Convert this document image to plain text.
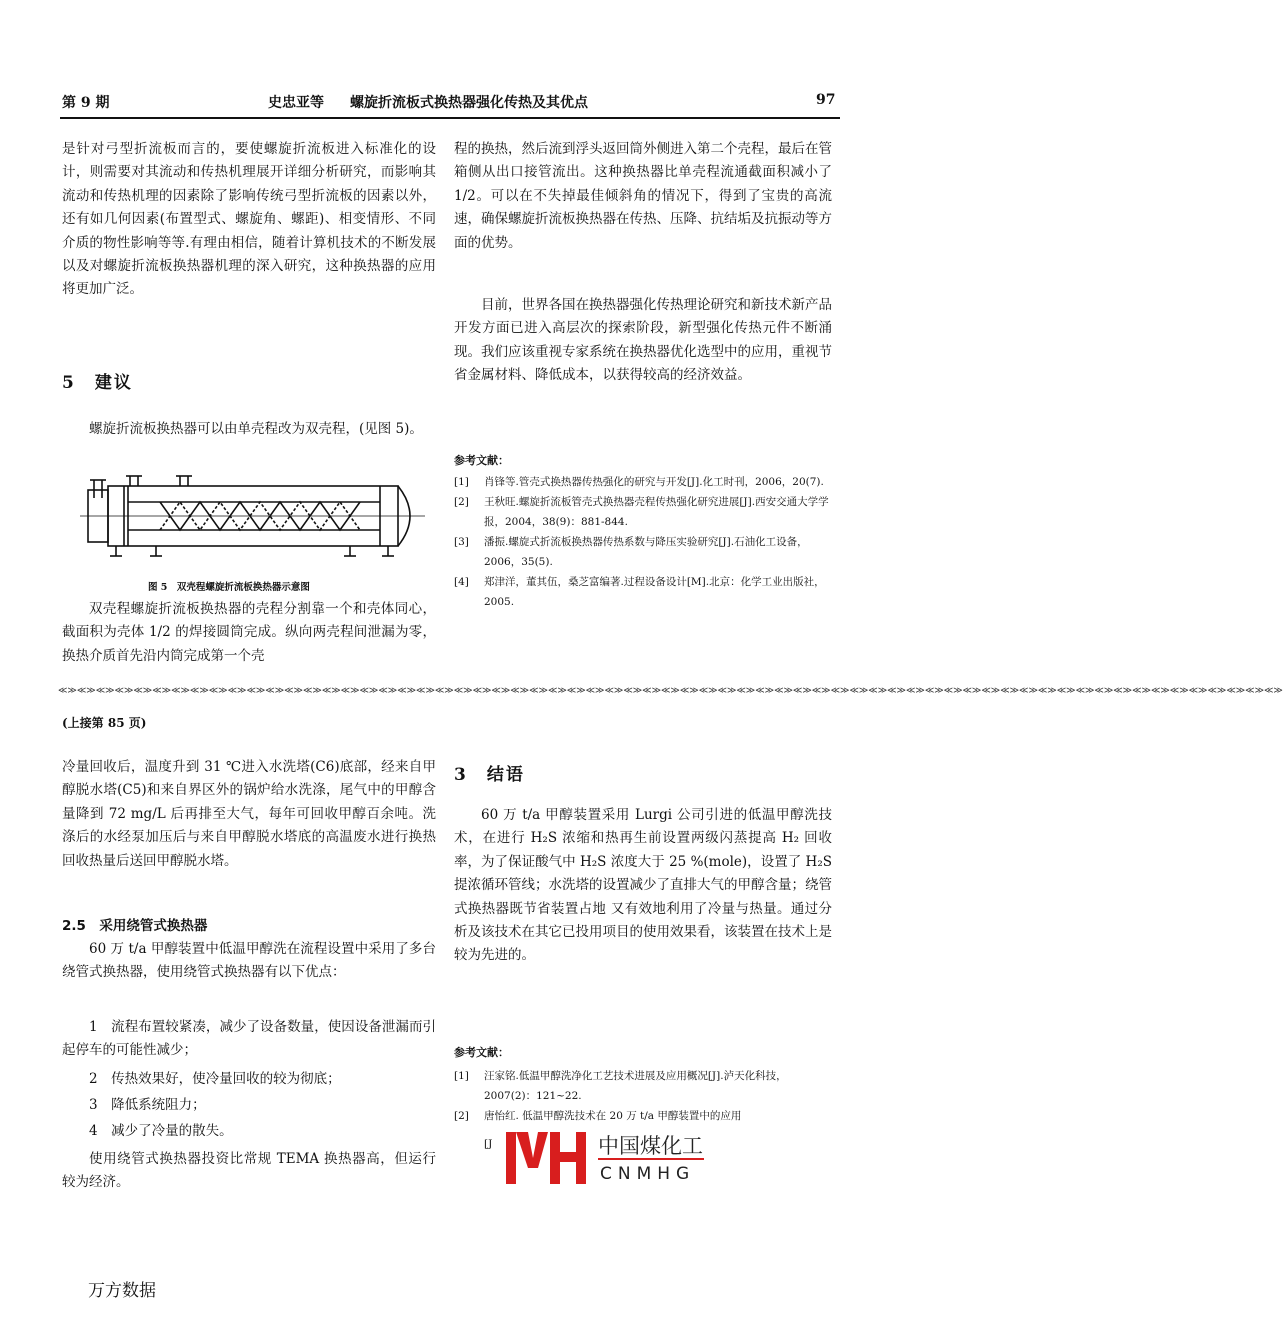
第 9 期	史忠亚等 螺旋折流板式换热器强化传热及其优点	97

是针对弓型折流板而言的，要使螺旋折流板进入标准化的设计，则需要对其流动和传热机理展开详细分析研究，而影响其流动和传热机理的因素除了影响传统弓型折流板的因素以外，还有如几何因素(布置型式、螺旋角、螺距)、相变情形、不同介质的物性影响等等.有理由相信，随着计算机技术的不断发展以及对螺旋折流板换热器机理的深入研究，这种换热器的应用将更加广泛。

5　建议

螺旋折流板换热器可以由单壳程改为双壳程，(见图 5)。

图 5　双壳程螺旋折流板换热器示意图

双壳程螺旋折流板换热器的壳程分割靠一个和壳体同心，截面积为壳体 1/2 的焊接圆筒完成。纵向两壳程间泄漏为零，换热介质首先沿内筒完成第一个壳

程的换热，然后流到浮头返回筒外侧进入第二个壳程，最后在管箱侧从出口接管流出。这种换热器比单壳程流通截面积减小了 1/2。可以在不失掉最佳倾斜角的情况下，得到了宝贵的高流速，确保螺旋折流板换热器在传热、压降、抗结垢及抗振动等方面的优势。

目前，世界各国在换热器强化传热理论研究和新技术新产品开发方面已进入高层次的探索阶段，新型强化传热元件不断涌现。我们应该重视专家系统在换热器优化选型中的应用，重视节省金属材料、降低成本，以获得较高的经济效益。

参考文献：
[1]	肖锋等.管壳式换热器传热强化的研究与开发[J].化工时刊，2006，20(7).
[2]	王秋旺.螺旋折流板管壳式换热器壳程传热强化研究进展[J].西安交通大学学报，2004，38(9)：881-844.
[3]	潘振.螺旋式折流板换热器传热系数与降压实验研究[J].石油化工设备，2006，35(5).
[4]	郑津洋，董其伍，桑芝富编著.过程设备设计[M].北京：化学工业出版社，2005.
≪≫≪≫≪≫≪≫≪≫≪≫≪≫≪≫≪≫≪≫≪≫≪≫≪≫≪≫≪≫≪≫≪≫≪≫≪≫≪≫≪≫≪≫≪≫≪≫≪≫≪≫≪≫≪≫≪≫≪≫≪≫≪≫≪≫≪≫≪≫≪≫≪≫≪≫≪≫≪≫≪≫≪≫≪≫≪≫≪≫≪≫≪≫≪≫≪≫≪≫≪≫≪≫≪≫≪≫≪≫≪≫≪≫≪≫≪≫≪≫≪≫≪≫≪≫≪≫≪≫
(上接第 85 页)

冷量回收后，温度升到 31 ℃进入水洗塔(C6)底部，经来自甲醇脱水塔(C5)和来自界区外的锅炉给水洗涤，尾气中的甲醇含量降到 72 mg/L 后再排至大气，每年可回收甲醇百余吨。洗涤后的水经泵加压后与来自甲醇脱水塔底的高温废水进行换热回收热量后送回甲醇脱水塔。

2.5　采用绕管式换热器

60 万 t/a 甲醇装置中低温甲醇洗在流程设置中采用了多台绕管式换热器，使用绕管式换热器有以下优点：

1　流程布置较紧凑，减少了设备数量，使因设备泄漏而引起停车的可能性减少；

2　传热效果好，使冷量回收的较为彻底；
3　降低系统阻力；
4　减少了冷量的散失。

使用绕管式换热器投资比常规 TEMA 换热器高，但运行较为经济。

3　结语

60 万 t/a 甲醇装置采用 Lurgi 公司引进的低温甲醇洗技术，在进行 H₂S 浓缩和热再生前设置两级闪蒸提高 H₂ 回收率，为了保证酸气中 H₂S 浓度大于 25 %(mole)，设置了 H₂S 提浓循环管线；水洗塔的设置减少了直排大气的甲醇含量；绕管式换热器既节省装置占地 又有效地利用了冷量与热量。通过分析及该技术在其它已投用项目的使用效果看，该装置在技术上是较为先进的。

参考文献：
[1]	汪家铭.低温甲醇洗净化工艺技术进展及应用概况[J].泸天化科技，2007(2)：121~22.
[2]	唐怡红. 低温甲醇洗技术在 20 万 t/a 甲醇装置中的应用
[J	中国煤化工
CNMHG
万方数据
